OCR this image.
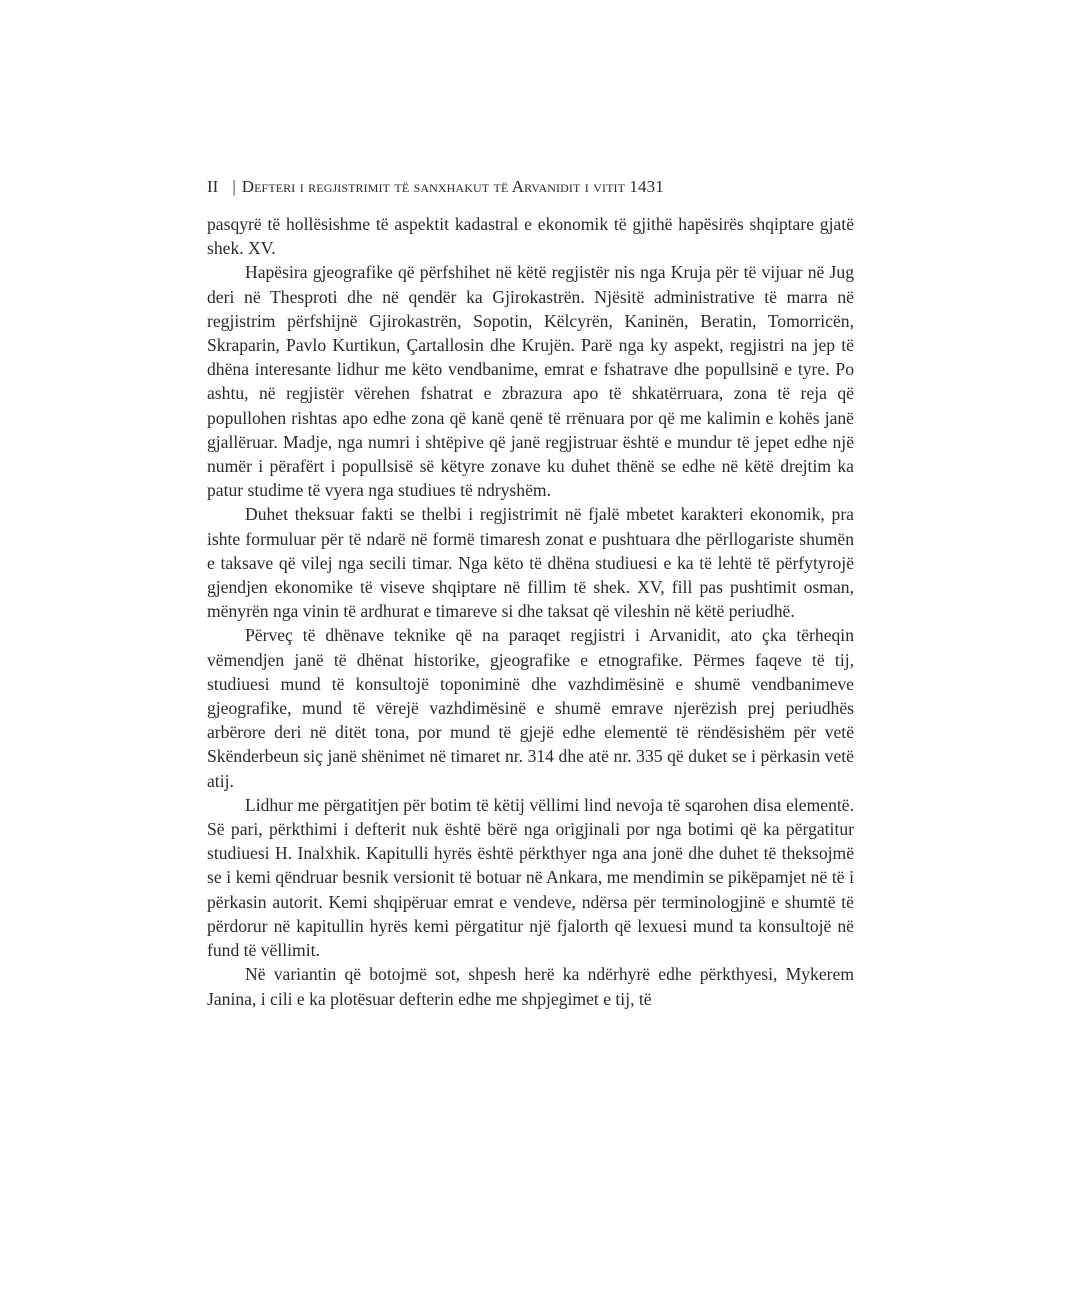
II | Defteri i regjistrimit të sanxhakut të Arvanidit i vitit 1431

pasqyrë të hollësishme të aspektit kadastral e ekonomik të gjithë hapësirës shqiptare gjatë shek. XV.

Hapësira gjeografike që përfshihet në këtë regjistër nis nga Kruja për të vijuar në Jug deri në Thesproti dhe në qendër ka Gjirokastrën. Njësitë administrative të marra në regjistrim përfshijnë Gjirokastrën, Sopotin, Këlcyrën, Kaninën, Beratin, Tomorricën, Skraparin, Pavlo Kurtikun, Çartallosin dhe Krujën. Parë nga ky aspekt, regjistri na jep të dhëna interesante lidhur me këto vendbanime, emrat e fshatrave dhe popullsinë e tyre. Po ashtu, në regjistër vërehen fshatrat e zbrazura apo të shkatërruara, zona të reja që popullohen rishtas apo edhe zona që kanë qenë të rrënuara por që me kalimin e kohës janë gjallëruar. Madje, nga numri i shtëpive që janë regjistruar është e mundur të jepet edhe një numër i përafërt i popullsisë së këtyre zonave ku duhet thënë se edhe në këtë drejtim ka patur studime të vyera nga studiues të ndryshëm.

Duhet theksuar fakti se thelbi i regjistrimit në fjalë mbetet karakteri ekonomik, pra ishte formuluar për të ndarë në formë timaresh zonat e pushtuara dhe përllogariste shumën e taksave që vilej nga secili timar. Nga këto të dhëna studiuesi e ka të lehtë të përfytyrojë gjendjen ekonomike të viseve shqiptare në fillim të shek. XV, fill pas pushtimit osman, mënyrën nga vinin të ardhurat e timareve si dhe taksat që vileshin në këtë periudhë.

Përveç të dhënave teknike që na paraqet regjistri i Arvanidit, ato çka tërheqin vëmendjen janë të dhënat historike, gjeografike e etnografike. Përmes faqeve të tij, studiuesi mund të konsultojë toponiminë dhe vazhdimësinë e shumë vendbanimeve gjeografike, mund të vërejë vazhdimësinë e shumë emrave njerëzish prej periudhës arbërore deri në ditët tona, por mund të gjejë edhe elementë të rëndësishëm për vetë Skënderbeun siç janë shënimet në timaret nr. 314 dhe atë nr. 335 që duket se i përkasin vetë atij.

Lidhur me përgatitjen për botim të këtij vëllimi lind nevoja të sqarohen disa elementë. Së pari, përkthimi i defterit nuk është bërë nga origjinali por nga botimi që ka përgatitur studiuesi H. Inalxhik. Kapitulli hyrës është përkthyer nga ana jonë dhe duhet të theksojmë se i kemi qëndruar besnik versionit të botuar në Ankara, me mendimin se pikëpamjet në të i përkasin autorit. Kemi shqipëruar emrat e vendeve, ndërsa për terminologjinë e shumtë të përdorur në kapitullin hyrës kemi përgatitur një fjalorth që lexuesi mund ta konsultojë në fund të vëllimit.

Në variantin që botojmë sot, shpesh herë ka ndërhyrë edhe përkthyesi, Mykerem Janina, i cili e ka plotësuar defterin edhe me shpjegimet e tij, të
